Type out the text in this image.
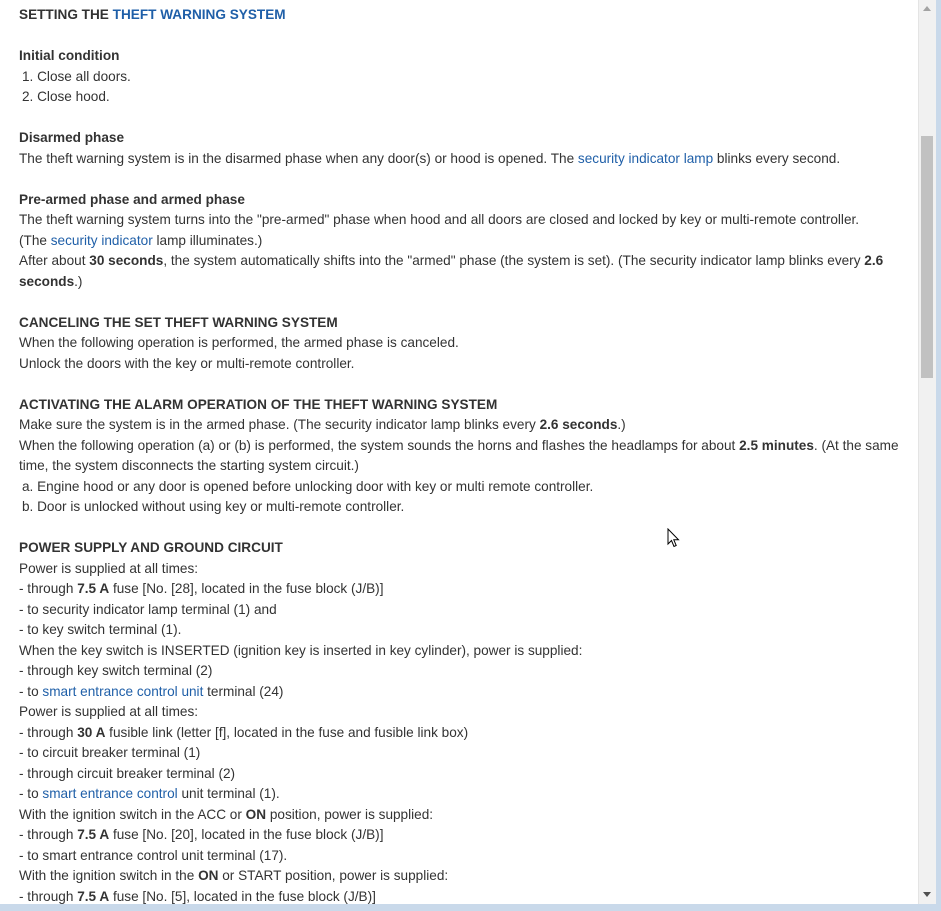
SETTING THE THEFT WARNING SYSTEM

Initial condition

1. Close all doors.

2. Close hood.

Disarmed phase

The theft warning system is in the disarmed phase when any door(s) or hood is opened. The security indicator lamp blinks every second.

Pre-armed phase and armed phase

The theft warning system turns into the "pre-armed" phase when hood and all doors are closed and locked by key or multi-remote controller.

(The security indicator lamp illuminates.)

After about 30 seconds, the system automatically shifts into the "armed" phase (the system is set). (The security indicator lamp blinks every 2.6 seconds.)

CANCELING THE SET THEFT WARNING SYSTEM

When the following operation is performed, the armed phase is canceled.

Unlock the doors with the key or multi-remote controller.

ACTIVATING THE ALARM OPERATION OF THE THEFT WARNING SYSTEM

Make sure the system is in the armed phase. (The security indicator lamp blinks every 2.6 seconds.)

When the following operation (a) or (b) is performed, the system sounds the horns and flashes the headlamps for about 2.5 minutes. (At the same time, the system disconnects the starting system circuit.)

a. Engine hood or any door is opened before unlocking door with key or multi remote controller.

b. Door is unlocked without using key or multi-remote controller.

POWER SUPPLY AND GROUND CIRCUIT

Power is supplied at all times:

- through 7.5 A fuse [No. [28], located in the fuse block (J/B)]

- to security indicator lamp terminal (1) and

- to key switch terminal (1).

When the key switch is INSERTED (ignition key is inserted in key cylinder), power is supplied:

- through key switch terminal (2)

- to smart entrance control unit terminal (24)

Power is supplied at all times:

- through 30 A fusible link (letter [f], located in the fuse and fusible link box)

- to circuit breaker terminal (1)

- through circuit breaker terminal (2)

- to smart entrance control unit terminal (1).

With the ignition switch in the ACC or ON position, power is supplied:

- through 7.5 A fuse [No. [20], located in the fuse block (J/B)]

- to smart entrance control unit terminal (17).

With the ignition switch in the ON or START position, power is supplied:

- through 7.5 A fuse [No. [5], located in the fuse block (J/B)]
